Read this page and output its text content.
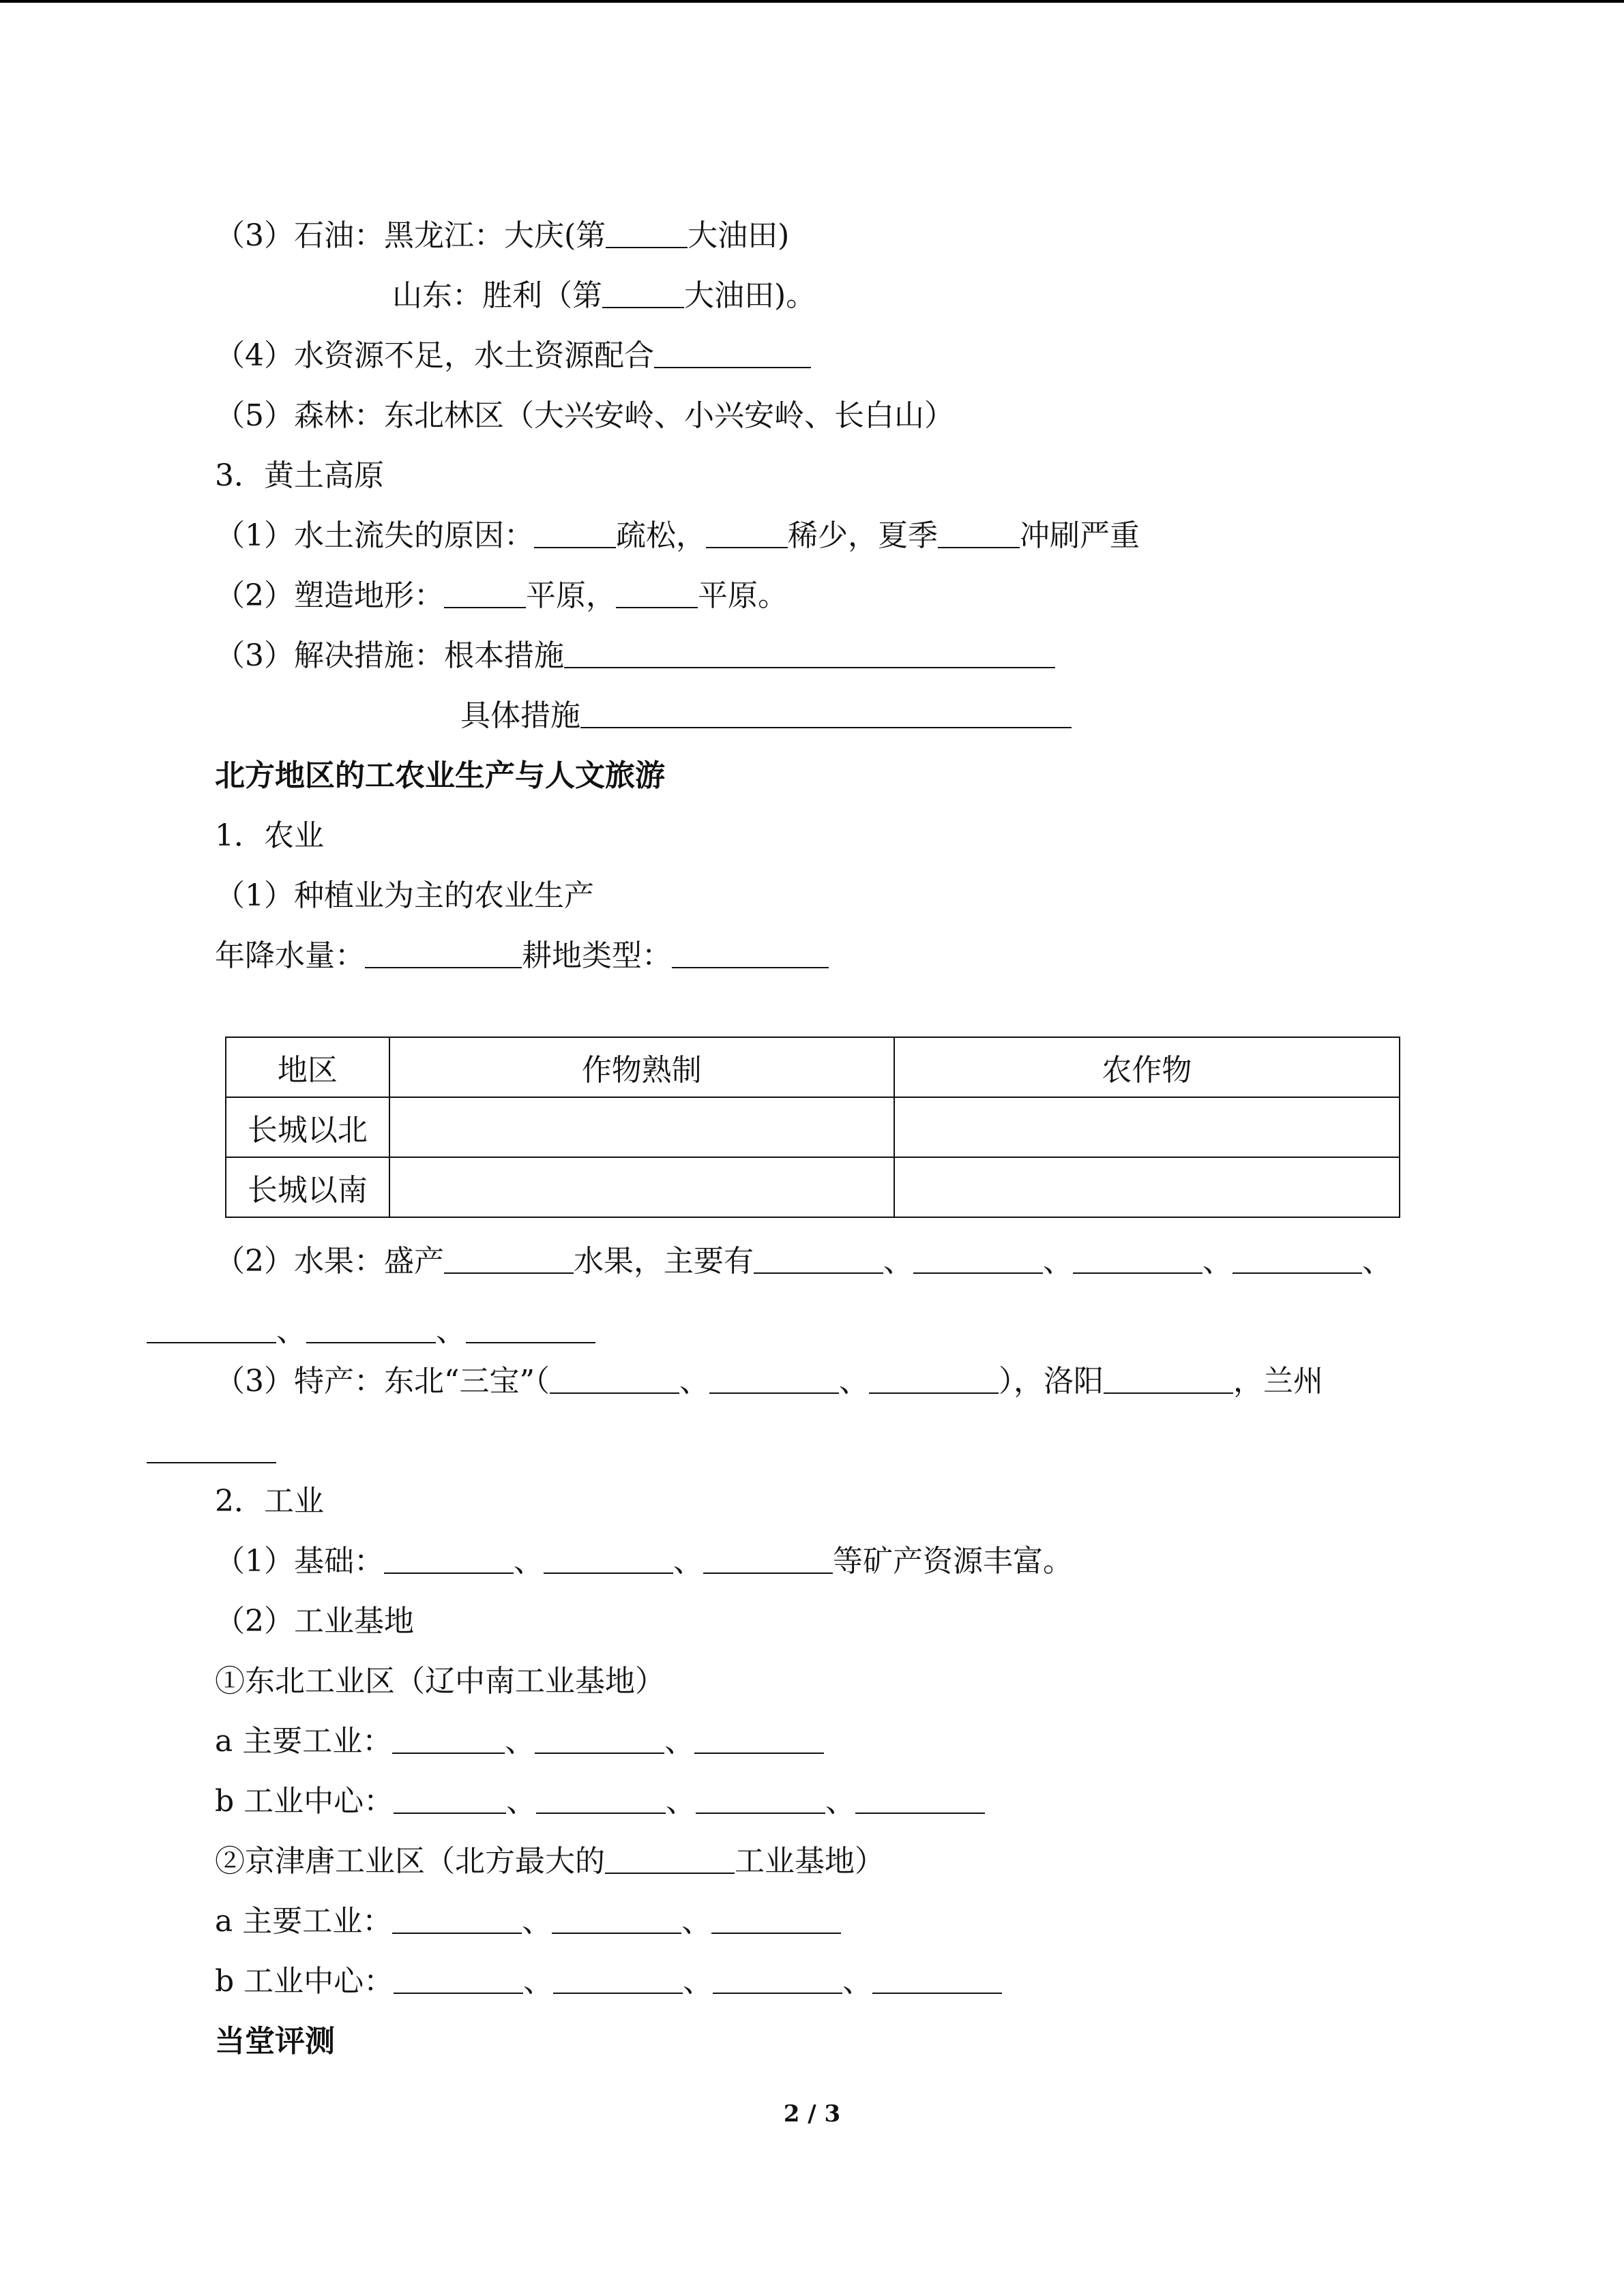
（3）石油：黑龙江：大庆(第	大油田)
山东：胜利（第	大油田)。
（4）水资源不足，水土资源配合
（5）森林：东北林区（大兴安岭、小兴安岭、长白山）
3．黄土高原
（1）水土流失的原因：	疏松，	稀少，夏季	冲刷严重
（2）塑造地形：	平原，	平原。
（3）解决措施：根本措施
具体措施
北方地区的工农业生产与人文旅游
1．农业
（1）种植业为主的农业生产
年降水量：	耕地类型：
地区	作物熟制	农作物
长城以北		
长城以南		
（2）水果：盛产	水果，主要有	、	、	、	、
、	、
（3）特产：东北“三宝”（	、	、	），洛阳	，兰州
2．工业
（1）基础：	、	、	等矿产资源丰富。
（2）工业基地
①东北工业区（辽中南工业基地）
a 主要工业：	、	、
b 工业中心：	、	、	、
②京津唐工业区（北方最大的	工业基地）
a 主要工业：	、	、
b 工业中心：	、	、	、
当堂评测
2 / 3
